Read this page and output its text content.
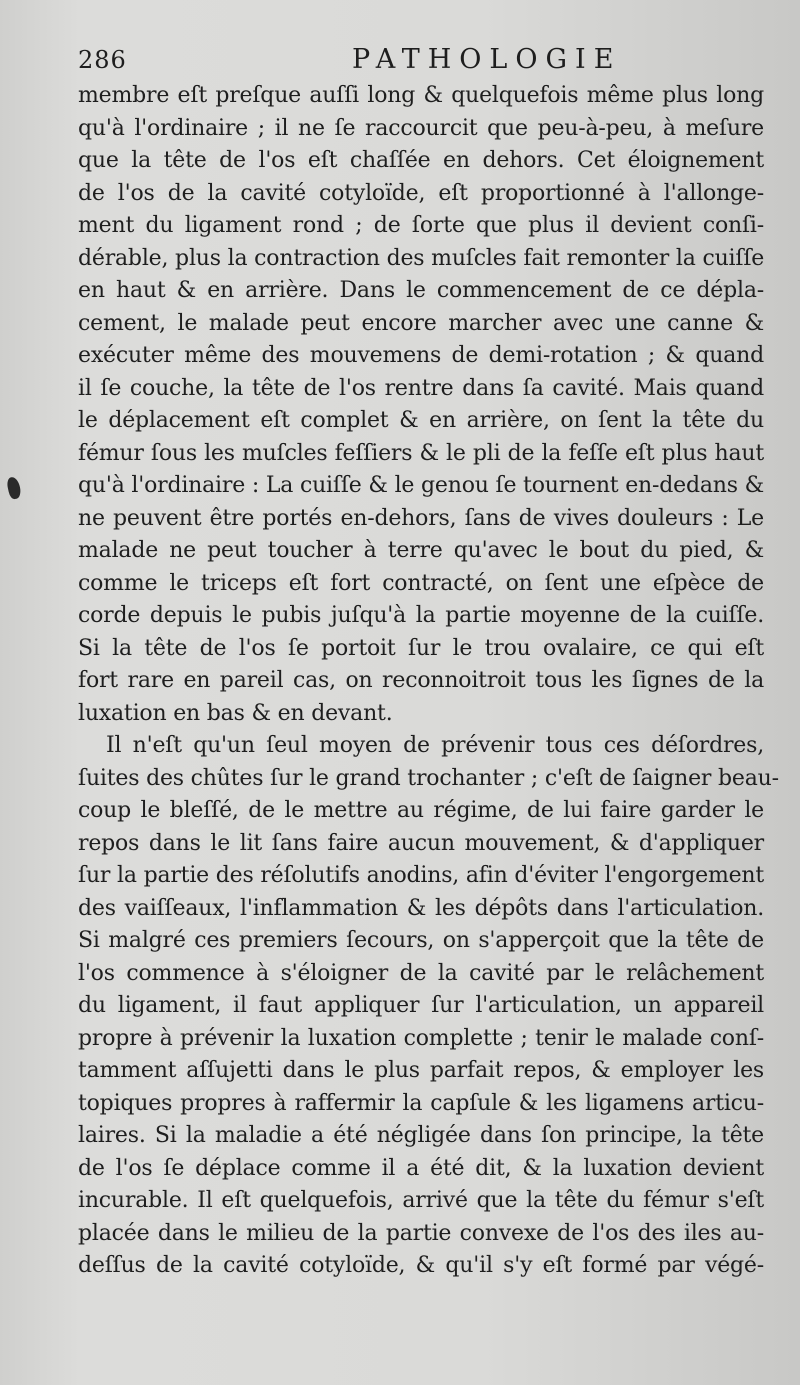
286	PATHOLOGIE
membre eſt preſque auſſi long & quelquefois même plus long
qu'à l'ordinaire ; il ne ſe raccourcit que peu-à-peu, à meſure
que la tête de l'os eſt chaſſée en dehors. Cet éloignement
de l'os de la cavité cotyloïde, eſt proportionné à l'allonge-
ment du ligament rond ; de ſorte que plus il devient conſi-
dérable, plus la contraction des muſcles fait remonter la cuiſſe
en haut & en arrière. Dans le commencement de ce dépla-
cement, le malade peut encore marcher avec une canne &
exécuter même des mouvemens de demi-rotation ; & quand
il ſe couche, la tête de l'os rentre dans ſa cavité. Mais quand
le déplacement eſt complet & en arrière, on ſent la tête du
fémur ſous les muſcles feſſiers & le pli de la feſſe eſt plus haut
qu'à l'ordinaire : La cuiſſe & le genou ſe tournent en-dedans &
ne peuvent être portés en-dehors, ſans de vives douleurs : Le
malade ne peut toucher à terre qu'avec le bout du pied, &
comme le triceps eſt fort contracté, on ſent une eſpèce de
corde depuis le pubis juſqu'à la partie moyenne de la cuiſſe.
Si la tête de l'os ſe portoit ſur le trou ovalaire, ce qui eſt
fort rare en pareil cas, on reconnoitroit tous les ſignes de la
luxation en bas & en devant.
Il n'eſt qu'un ſeul moyen de prévenir tous ces déſordres,
ſuites des chûtes ſur le grand trochanter ; c'eſt de ſaigner beau-
coup le bleſſé, de le mettre au régime, de lui faire garder le
repos dans le lit ſans faire aucun mouvement, & d'appliquer
ſur la partie des réſolutifs anodins, afin d'éviter l'engorgement
des vaiſſeaux, l'inflammation & les dépôts dans l'articulation.
Si malgré ces premiers ſecours, on s'apperçoit que la tête de
l'os commence à s'éloigner de la cavité par le relâchement
du ligament, il faut appliquer ſur l'articulation, un appareil
propre à prévenir la luxation complette ; tenir le malade conſ-
tamment aſſujetti dans le plus parfait repos, & employer les
topiques propres à raffermir la capſule & les ligamens articu-
laires. Si la maladie a été négligée dans ſon principe, la tête
de l'os ſe déplace comme il a été dit, & la luxation devient
incurable. Il eſt quelquefois, arrivé que la tête du fémur s'eſt
placée dans le milieu de la partie convexe de l'os des iles au-
deſſus de la cavité cotyloïde, & qu'il s'y eſt formé par végé-
